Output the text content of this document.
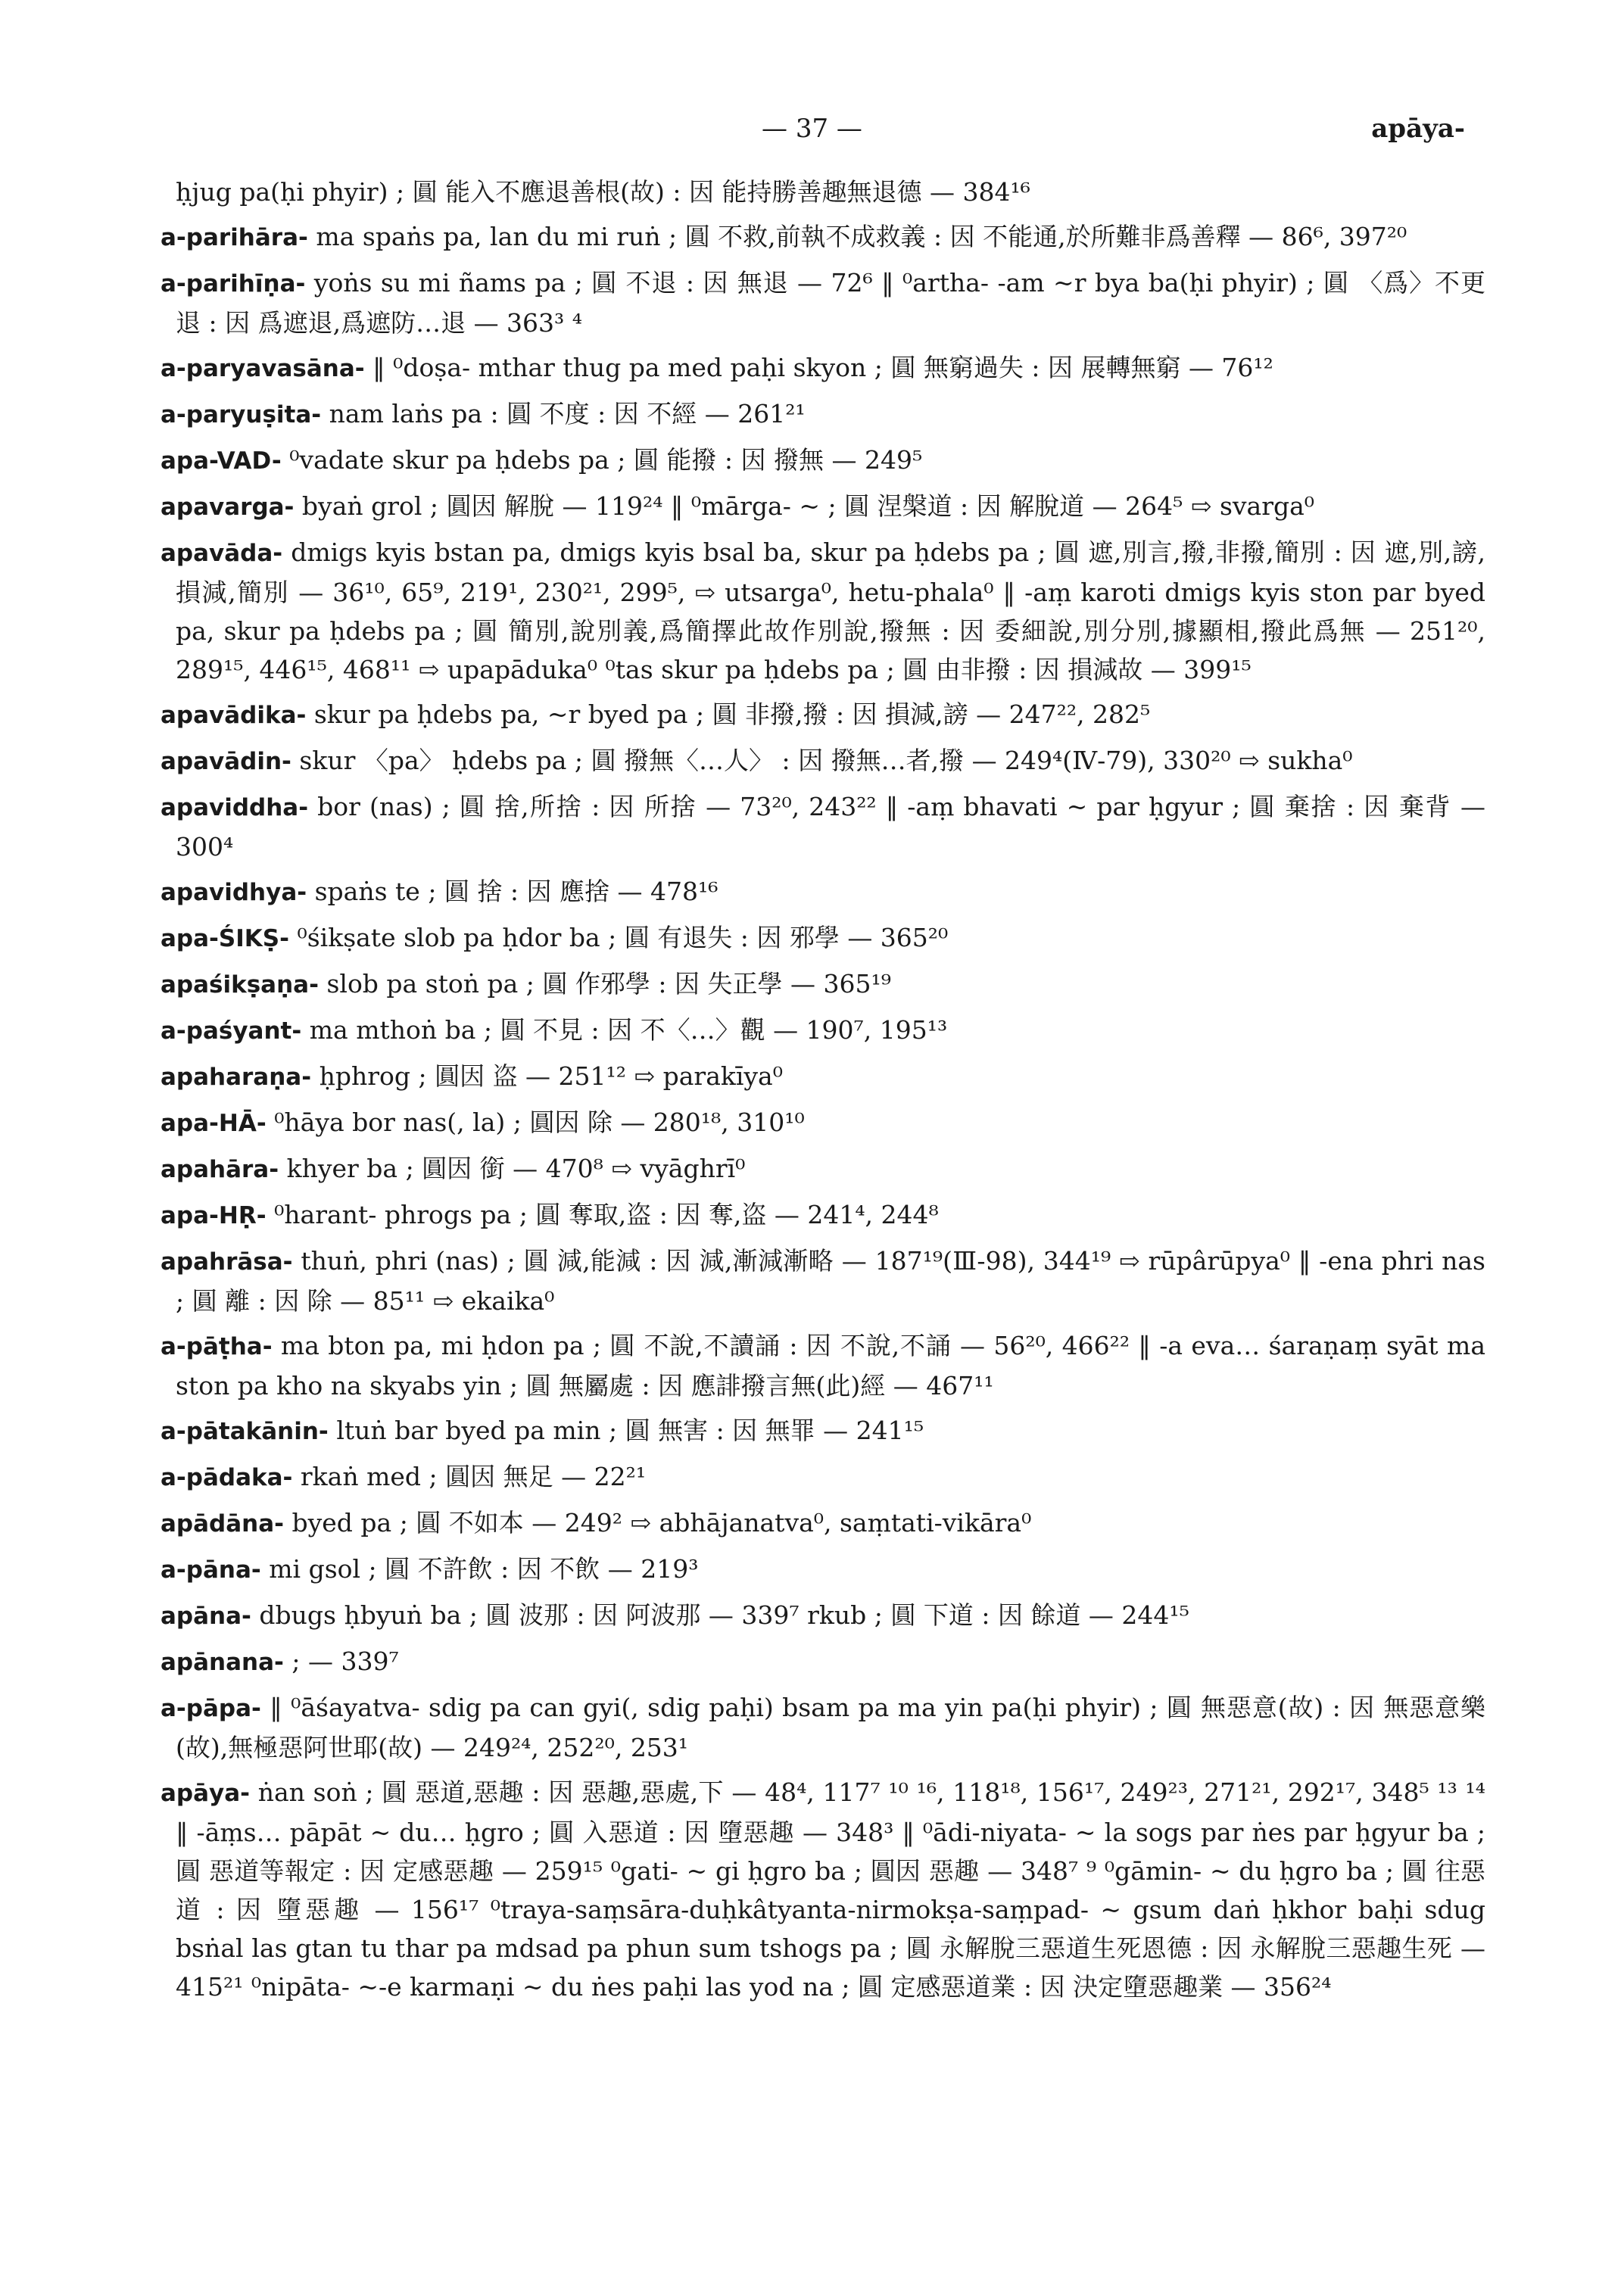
— 37 —	apāya-
ḥjug pa(ḥi phyir) ; 圓 能入不應退善根(故) : 因 能持勝善趣無退德 — 384¹⁶
a-parihāra- ma spaṅs pa, lan du mi ruṅ ; 圓 不救,前執不成救義 : 因 不能通,於所難非爲善釋 — 86⁶, 397²⁰
a-parihīṇa- yoṅs su mi ñams pa ; 圓 不退 : 因 無退 — 72⁶ ‖ ⁰artha- -am ~r bya ba(ḥi phyir) ; 圓 〈爲〉不更退 : 因 爲遮退,爲遮防…退 — 363³ ⁴
a-paryavasāna- ‖ ⁰doṣa- mthar thug pa med paḥi skyon ; 圓 無窮過失 : 因 展轉無窮 — 76¹²
a-paryuṣita- nam laṅs pa : 圓 不度 : 因 不經 — 261²¹
apa-VAD- ⁰vadate skur pa ḥdebs pa ; 圓 能撥 : 因 撥無 — 249⁵
apavarga- byaṅ grol ; 圓因 解脫 — 119²⁴ ‖ ⁰mārga- ~ ; 圓 涅槃道 : 因 解脫道 — 264⁵ ⇨ svarga⁰
apavāda- dmigs kyis bstan pa, dmigs kyis bsal ba, skur pa ḥdebs pa ; 圓 遮,別言,撥,非撥,簡別 : 因 遮,別,謗,損減,簡別 — 36¹⁰, 65⁹, 219¹, 230²¹, 299⁵, ⇨ utsarga⁰, hetu-phala⁰ ‖ -aṃ karoti dmigs kyis ston par byed pa, skur pa ḥdebs pa ; 圓 簡別,說別義,爲簡擇此故作別說,撥無 : 因 委細說,別分別,據顯相,撥此爲無 — 251²⁰, 289¹⁵, 446¹⁵, 468¹¹ ⇨ upapāduka⁰ ⁰tas skur pa ḥdebs pa ; 圓 由非撥 : 因 損減故 — 399¹⁵
apavādika- skur pa ḥdebs pa, ~r byed pa ; 圓 非撥,撥 : 因 損減,謗 — 247²², 282⁵
apavādin- skur 〈pa〉 ḥdebs pa ; 圓 撥無〈…人〉 : 因 撥無…者,撥 — 249⁴(Ⅳ-79), 330²⁰ ⇨ sukha⁰
apaviddha- bor (nas) ; 圓 捨,所捨 : 因 所捨 — 73²⁰, 243²² ‖ -aṃ bhavati ~ par ḥgyur ; 圓 棄捨 : 因 棄背 — 300⁴
apavidhya- spaṅs te ; 圓 捨 : 因 應捨 — 478¹⁶
apa-ŚIKṢ- ⁰śikṣate slob pa ḥdor ba ; 圓 有退失 : 因 邪學 — 365²⁰
apaśikṣaṇa- slob pa stoṅ pa ; 圓 作邪學 : 因 失正學 — 365¹⁹
a-paśyant- ma mthoṅ ba ; 圓 不見 : 因 不〈…〉觀 — 190⁷, 195¹³
apaharaṇa- ḥphrog ; 圓因 盗 — 251¹² ⇨ parakīya⁰
apa-HĀ- ⁰hāya bor nas(, la) ; 圓因 除 — 280¹⁸, 310¹⁰
apahāra- khyer ba ; 圓因 銜 — 470⁸ ⇨ vyāghrī⁰
apa-HṚ- ⁰harant- phrogs pa ; 圓 奪取,盗 : 因 奪,盗 — 241⁴, 244⁸
apahrāsa- thuṅ, phri (nas) ; 圓 減,能減 : 因 減,漸減漸略 — 187¹⁹(Ⅲ-98), 344¹⁹ ⇨ rūpârūpya⁰ ‖ -ena phri nas ; 圓 離 : 因 除 — 85¹¹ ⇨ ekaika⁰
a-pāṭha- ma bton pa, mi ḥdon pa ; 圓 不說,不讀誦 : 因 不說,不誦 — 56²⁰, 466²² ‖ -a eva… śaraṇaṃ syāt ma ston pa kho na skyabs yin ; 圓 無屬處 : 因 應誹撥言無(此)經 — 467¹¹
a-pātakānin- ltuṅ bar byed pa min ; 圓 無害 : 因 無罪 — 241¹⁵
a-pādaka- rkaṅ med ; 圓因 無足 — 22²¹
apādāna- byed pa ; 圓 不如本 — 249² ⇨ abhājanatva⁰, saṃtati-vikāra⁰
a-pāna- mi gsol ; 圓 不許飲 : 因 不飲 — 219³
apāna- dbugs ḥbyuṅ ba ; 圓 波那 : 因 阿波那 — 339⁷ rkub ; 圓 下道 : 因 餘道 — 244¹⁵
apānana- ; — 339⁷
a-pāpa- ‖ ⁰āśayatva- sdig pa can gyi(, sdig paḥi) bsam pa ma yin pa(ḥi phyir) ; 圓 無惡意(故) : 因 無惡意樂(故),無極惡阿世耶(故) — 249²⁴, 252²⁰, 253¹
apāya- ṅan soṅ ; 圓 惡道,惡趣 : 因 惡趣,惡處,下 — 48⁴, 117⁷ ¹⁰ ¹⁶, 118¹⁸, 156¹⁷, 249²³, 271²¹, 292¹⁷, 348⁵ ¹³ ¹⁴ ‖ -āṃs… pāpāt ~ du… ḥgro ; 圓 入惡道 : 因 墮惡趣 — 348³ ‖ ⁰ādi-niyata- ~ la sogs par ṅes par ḥgyur ba ; 圓 惡道等報定 : 因 定感惡趣 — 259¹⁵ ⁰gati- ~ gi ḥgro ba ; 圓因 惡趣 — 348⁷ ⁹ ⁰gāmin- ~ du ḥgro ba ; 圓 往惡道 : 因 墮惡趣 — 156¹⁷ ⁰traya-saṃsāra-duḥkâtyanta-nirmokṣa-saṃpad- ~ gsum daṅ ḥkhor baḥi sdug bsṅal las gtan tu thar pa mdsad pa phun sum tshogs pa ; 圓 永解脫三惡道生死恩德 : 因 永解脫三惡趣生死 — 415²¹ ⁰nipāta- ~-e karmaṇi ~ du ṅes paḥi las yod na ; 圓 定感惡道業 : 因 決定墮惡趣業 — 356²⁴
